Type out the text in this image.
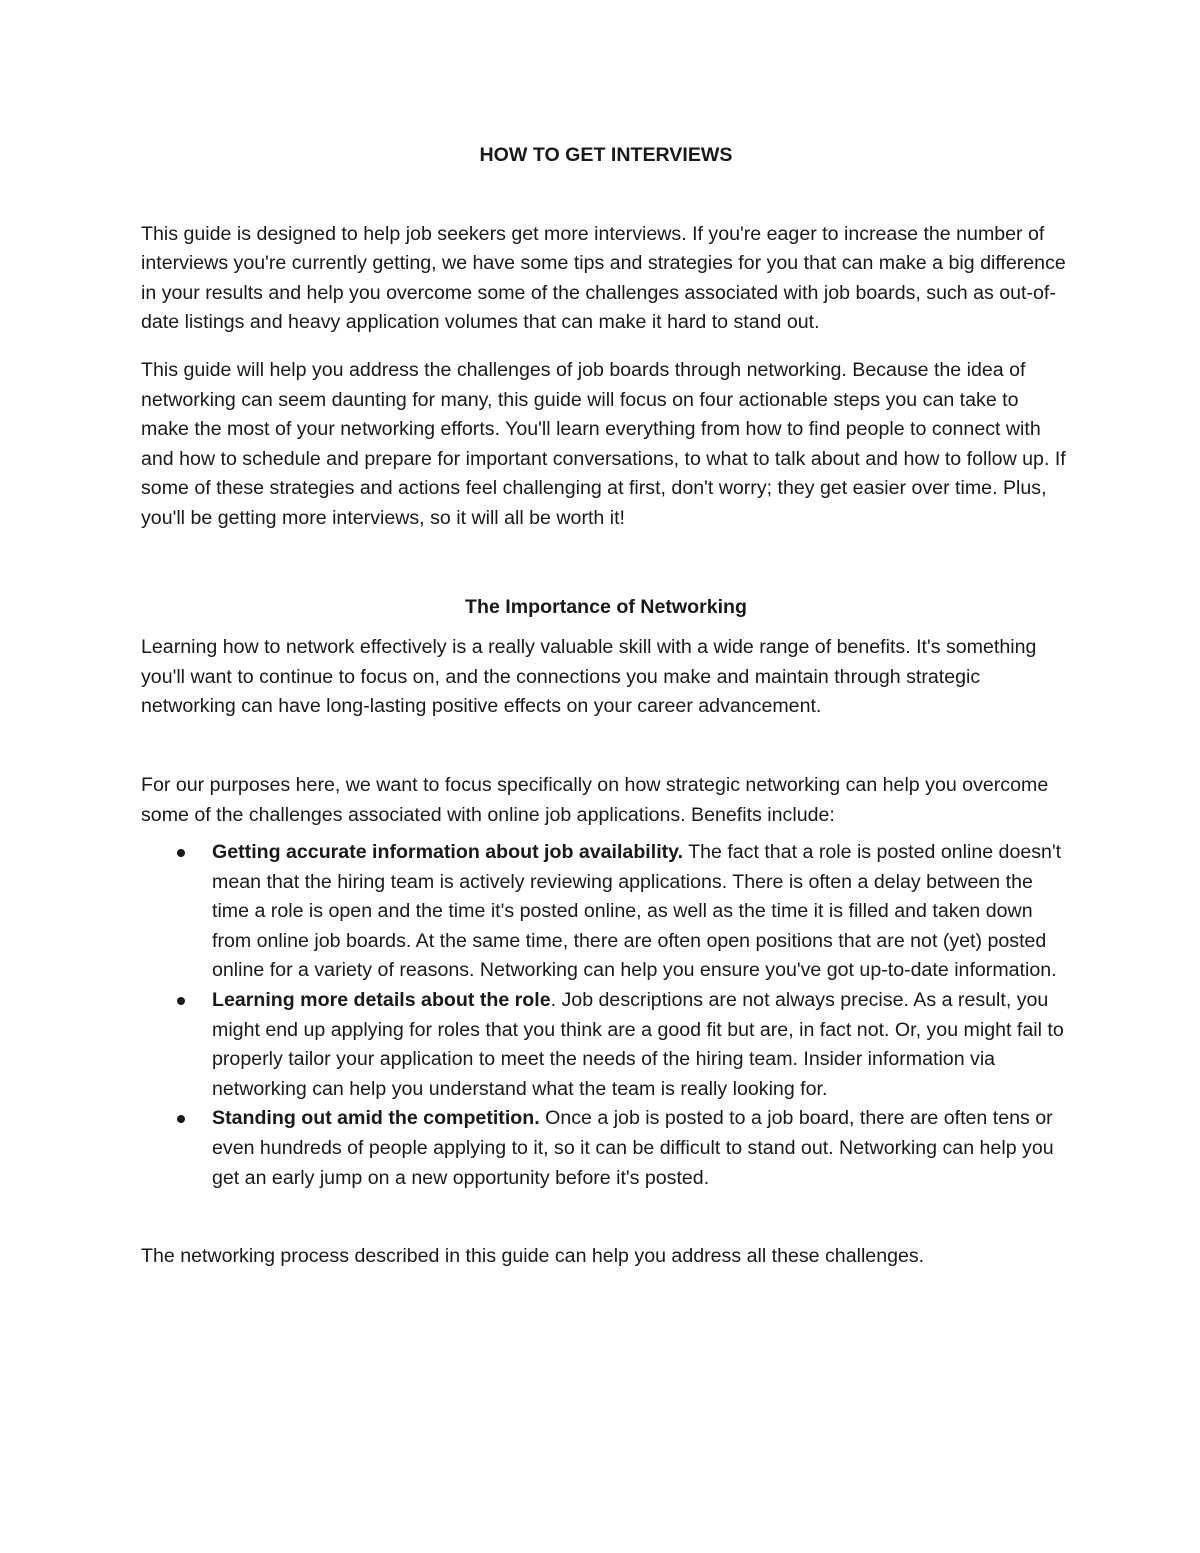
HOW TO GET INTERVIEWS

This guide is designed to help job seekers get more interviews. If you're eager to increase the number of interviews you're currently getting, we have some tips and strategies for you that can make a big difference in your results and help you overcome some of the challenges associated with job boards, such as out-of-date listings and heavy application volumes that can make it hard to stand out.

This guide will help you address the challenges of job boards through networking. Because the idea of networking can seem daunting for many, this guide will focus on four actionable steps you can take to make the most of your networking efforts. You'll learn everything from how to find people to connect with and how to schedule and prepare for important conversations, to what to talk about and how to follow up. If some of these strategies and actions feel challenging at first, don't worry; they get easier over time. Plus, you'll be getting more interviews, so it will all be worth it!

The Importance of Networking

Learning how to network effectively is a really valuable skill with a wide range of benefits. It's something you'll want to continue to focus on, and the connections you make and maintain through strategic networking can have long-lasting positive effects on your career advancement.

For our purposes here, we want to focus specifically on how strategic networking can help you overcome some of the challenges associated with online job applications. Benefits include:

Getting accurate information about job availability. The fact that a role is posted online doesn't mean that the hiring team is actively reviewing applications. There is often a delay between the time a role is open and the time it's posted online, as well as the time it is filled and taken down from online job boards. At the same time, there are often open positions that are not (yet) posted online for a variety of reasons. Networking can help you ensure you've got up-to-date information.
Learning more details about the role. Job descriptions are not always precise. As a result, you might end up applying for roles that you think are a good fit but are, in fact not. Or, you might fail to properly tailor your application to meet the needs of the hiring team. Insider information via networking can help you understand what the team is really looking for.
Standing out amid the competition. Once a job is posted to a job board, there are often tens or even hundreds of people applying to it, so it can be difficult to stand out. Networking can help you get an early jump on a new opportunity before it's posted.

The networking process described in this guide can help you address all these challenges.
